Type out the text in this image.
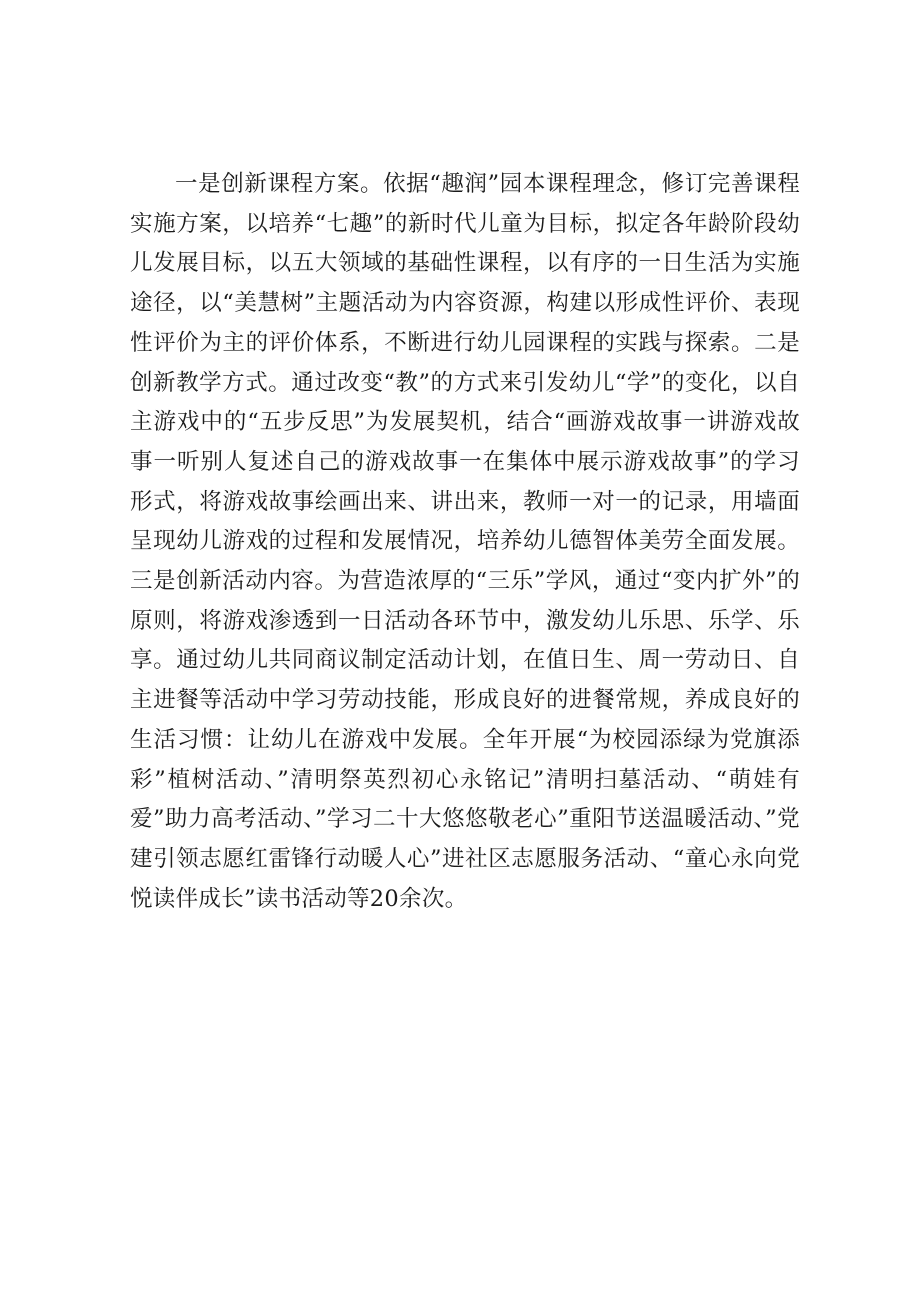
一是创新课程方案。依据“趣润”园本课程理念，修订完善课程实施方案，以培养“七趣”的新时代儿童为目标，拟定各年龄阶段幼儿发展目标，以五大领域的基础性课程，以有序的一日生活为实施途径，以“美慧树”主题活动为内容资源，构建以形成性评价、表现性评价为主的评价体系，不断进行幼儿园课程的实践与探索。二是创新教学方式。通过改变“教”的方式来引发幼儿“学”的变化，以自主游戏中的“五步反思”为发展契机，结合“画游戏故事一讲游戏故事一听别人复述自己的游戏故事一在集体中展示游戏故事”的学习形式，将游戏故事绘画出来、讲出来，教师一对一的记录，用墙面呈现幼儿游戏的过程和发展情况，培养幼儿德智体美劳全面发展。三是创新活动内容。为营造浓厚的“三乐”学风，通过“变内扩外”的原则，将游戏渗透到一日活动各环节中，激发幼儿乐思、乐学、乐享。通过幼儿共同商议制定活动计划，在值日生、周一劳动日、自主进餐等活动中学习劳动技能，形成良好的进餐常规，养成良好的生活习惯：让幼儿在游戏中发展。全年开展“为校园添绿为党旗添彩”植树活动、”清明祭英烈初心永铭记”清明扫墓活动、“萌娃有爱”助力高考活动、”学习二十大悠悠敬老心”重阳节送温暖活动、”党建引领志愿红雷锋行动暖人心”进社区志愿服务活动、“童心永向党悦读伴成长”读书活动等20余次。
